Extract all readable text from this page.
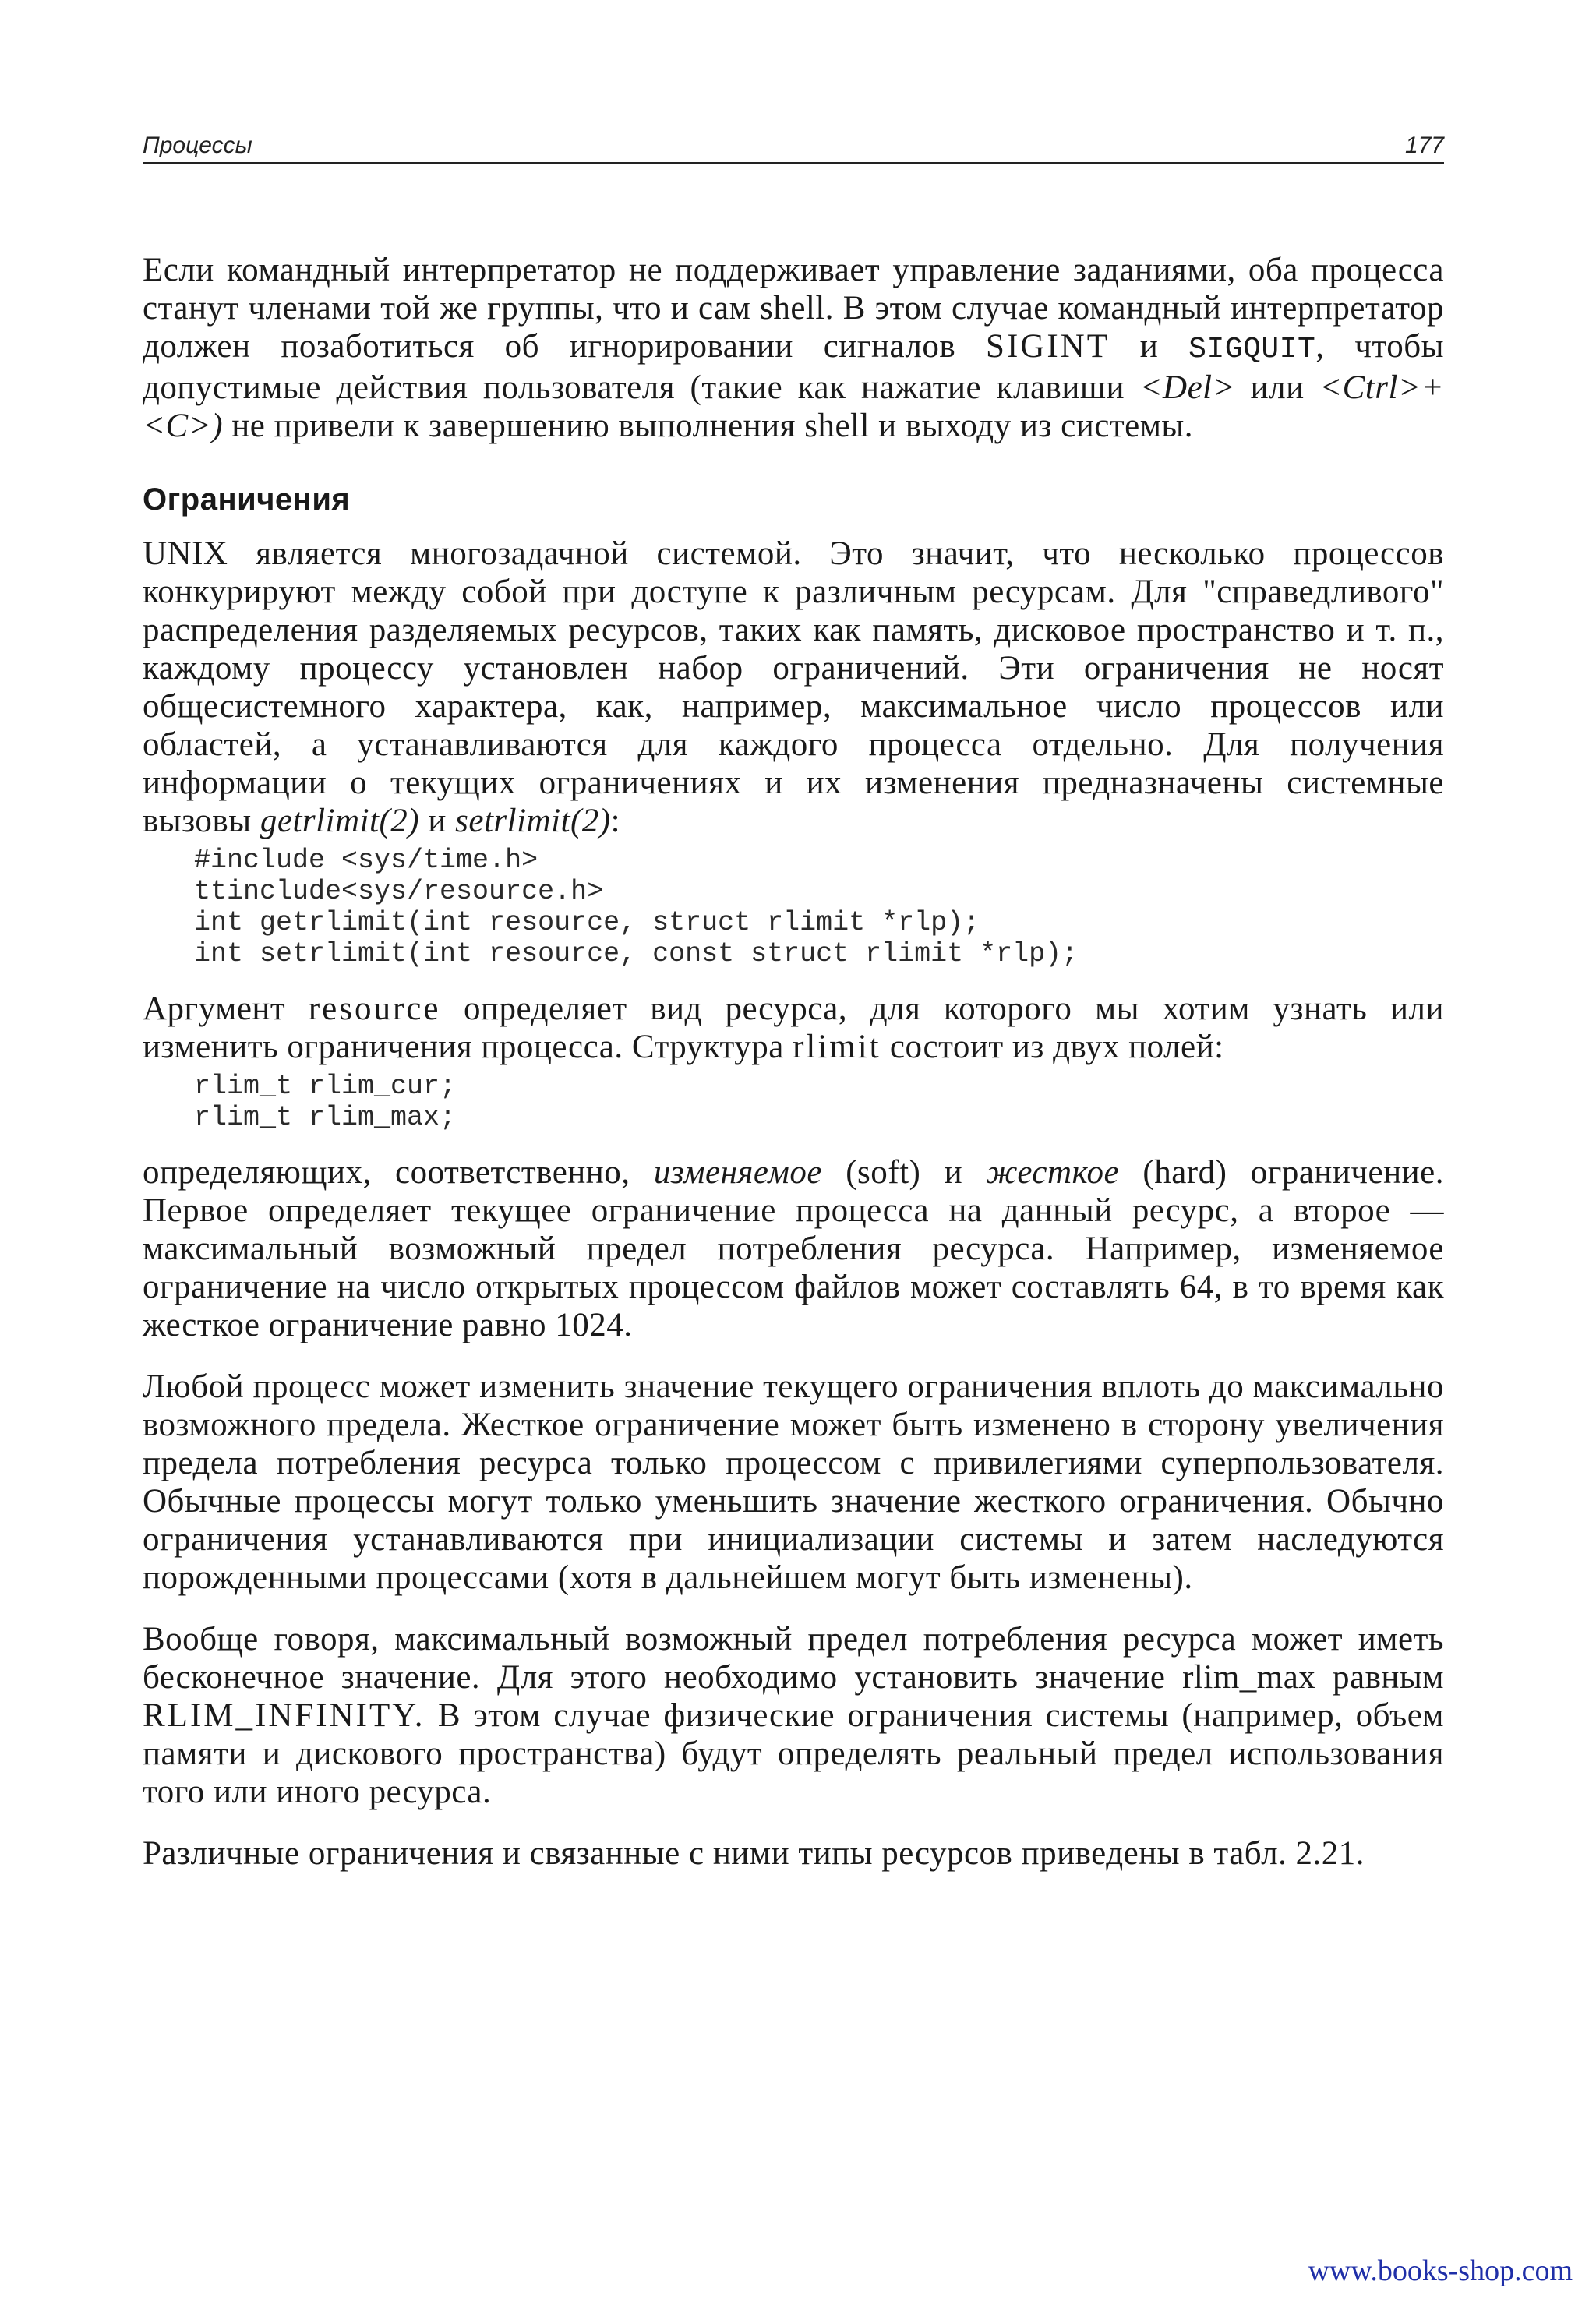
Процессы	177

Если командный интерпретатор не поддерживает управление заданиями, оба процесса станут членами той же группы, что и сам shell. В этом случае командный интерпретатор должен позаботиться об игнорировании сигналов SIGINT и SIGQUIT, чтобы допустимые действия пользователя (такие как нажатие клавиши <Del> или <Ctrl>+<C>) не привели к завершению выполнения shell и выходу из системы.

Ограничения

UNIX является многозадачной системой. Это значит, что несколько процессов конкурируют между собой при доступе к различным ресурсам. Для "справедливого" распределения разделяемых ресурсов, таких как память, дисковое пространство и т. п., каждому процессу установлен набор ограничений. Эти ограничения не носят общесистемного характера, как, например, максимальное число процессов или областей, а устанавливаются для каждого процесса отдельно. Для получения информации о текущих ограничениях и их изменения предназначены системные вызовы getrlimit(2) и setrlimit(2):

#include <sys/time.h>
ttinclude<sys/resource.h>
int getrlimit(int resource, struct rlimit *rlp);
int setrlimit(int resource, const struct rlimit *rlp);

Аргумент resource определяет вид ресурса, для которого мы хотим узнать или изменить ограничения процесса. Структура rlimit состоит из двух полей:

rlim_t rlim_cur;
rlim_t rlim_max;

определяющих, соответственно, изменяемое (soft) и жесткое (hard) ограничение. Первое определяет текущее ограничение процесса на данный ресурс, а второе — максимальный возможный предел потребления ресурса. Например, изменяемое ограничение на число открытых процессом файлов может составлять 64, в то время как жесткое ограничение равно 1024.

Любой процесс может изменить значение текущего ограничения вплоть до максимально возможного предела. Жесткое ограничение может быть изменено в сторону увеличения предела потребления ресурса только процессом с привилегиями суперпользователя. Обычные процессы могут только уменьшить значение жесткого ограничения. Обычно ограничения устанавливаются при инициализации системы и затем наследуются порожденными процессами (хотя в дальнейшем могут быть изменены).

Вообще говоря, максимальный возможный предел потребления ресурса может иметь бесконечное значение. Для этого необходимо установить значение rlim_max равным RLIM_INFINITY. В этом случае физические ограничения системы (например, объем памяти и дискового пространства) будут определять реальный предел использования того или иного ресурса.

Различные ограничения и связанные с ними типы ресурсов приведены в табл. 2.21.

www.books-shop.com
